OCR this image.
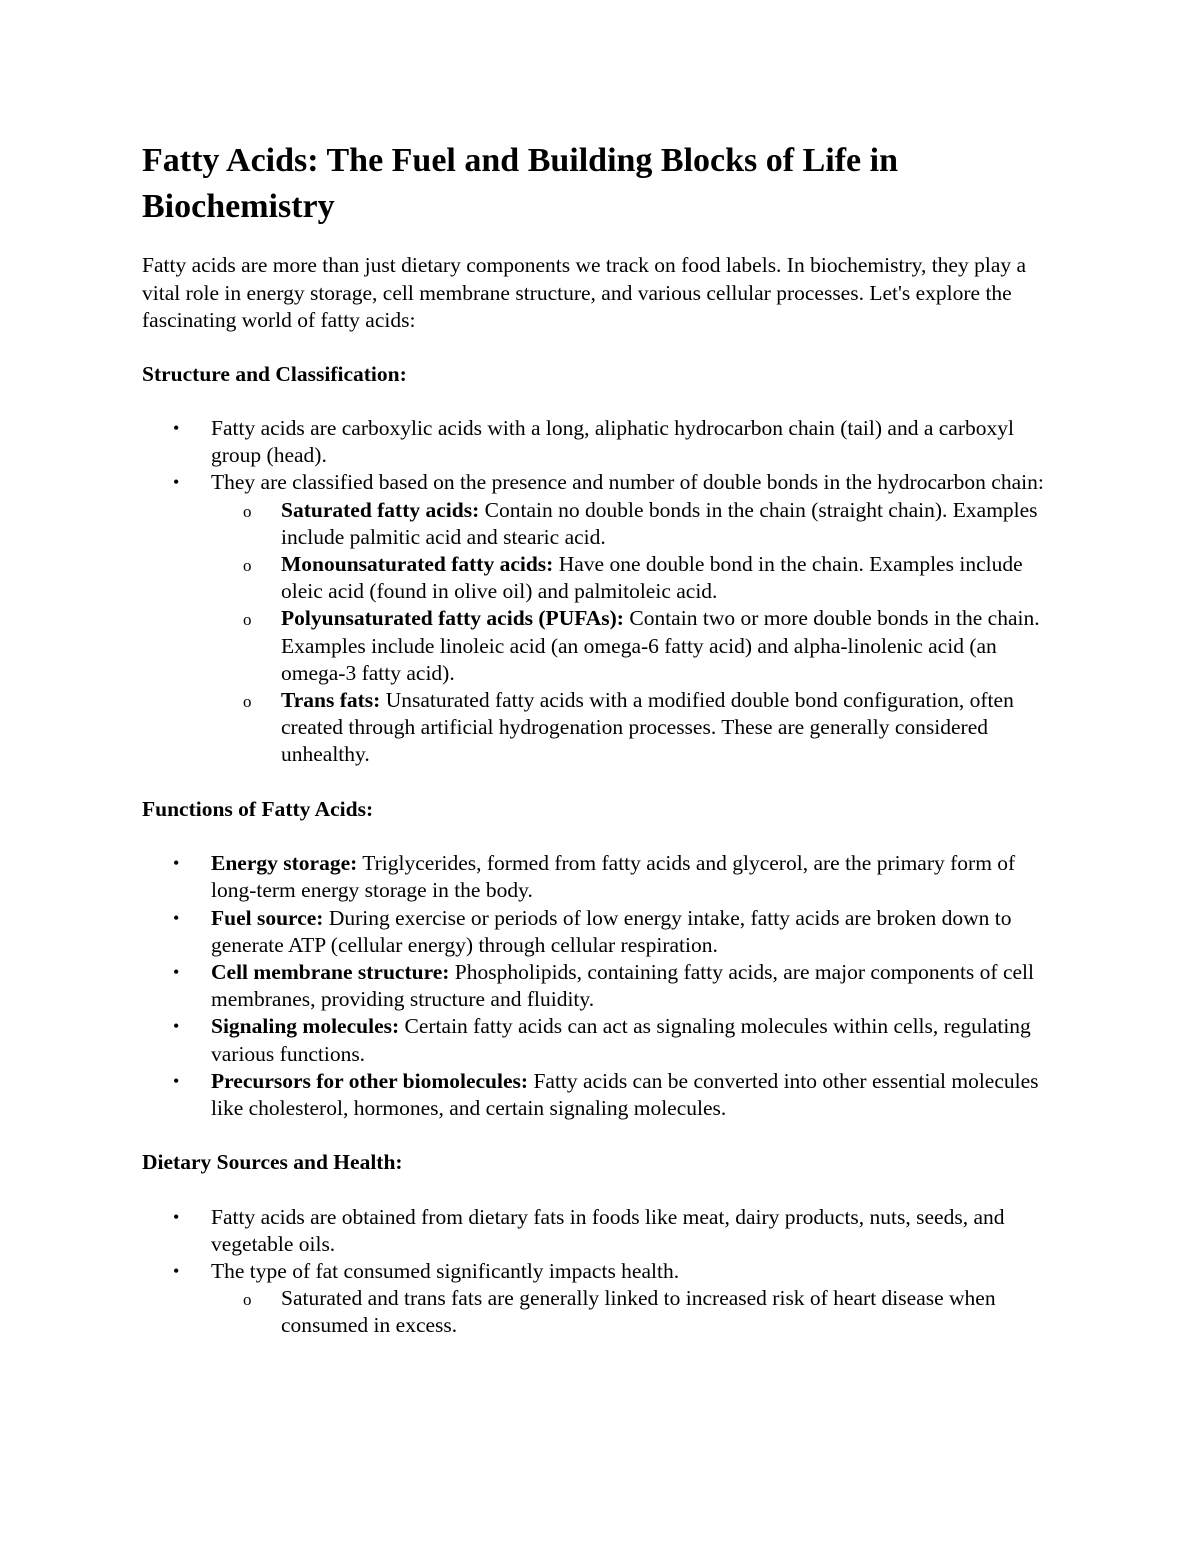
Fatty Acids: The Fuel and Building Blocks of Life in Biochemistry

Fatty acids are more than just dietary components we track on food labels. In biochemistry, they play a vital role in energy storage, cell membrane structure, and various cellular processes. Let's explore the fascinating world of fatty acids:

Structure and Classification:
• Fatty acids are carboxylic acids with a long, aliphatic hydrocarbon chain (tail) and a carboxyl group (head).
• They are classified based on the presence and number of double bonds in the hydrocarbon chain:
o Saturated fatty acids: Contain no double bonds in the chain (straight chain). Examples include palmitic acid and stearic acid.
o Monounsaturated fatty acids: Have one double bond in the chain. Examples include oleic acid (found in olive oil) and palmitoleic acid.
o Polyunsaturated fatty acids (PUFAs): Contain two or more double bonds in the chain. Examples include linoleic acid (an omega-6 fatty acid) and alpha-linolenic acid (an omega-3 fatty acid).
o Trans fats: Unsaturated fatty acids with a modified double bond configuration, often created through artificial hydrogenation processes. These are generally considered unhealthy.
Functions of Fatty Acids:
• Energy storage: Triglycerides, formed from fatty acids and glycerol, are the primary form of long-term energy storage in the body.
• Fuel source: During exercise or periods of low energy intake, fatty acids are broken down to generate ATP (cellular energy) through cellular respiration.
• Cell membrane structure: Phospholipids, containing fatty acids, are major components of cell membranes, providing structure and fluidity.
• Signaling molecules: Certain fatty acids can act as signaling molecules within cells, regulating various functions.
• Precursors for other biomolecules: Fatty acids can be converted into other essential molecules like cholesterol, hormones, and certain signaling molecules.
Dietary Sources and Health:
• Fatty acids are obtained from dietary fats in foods like meat, dairy products, nuts, seeds, and vegetable oils.
• The type of fat consumed significantly impacts health.
o Saturated and trans fats are generally linked to increased risk of heart disease when consumed in excess.
